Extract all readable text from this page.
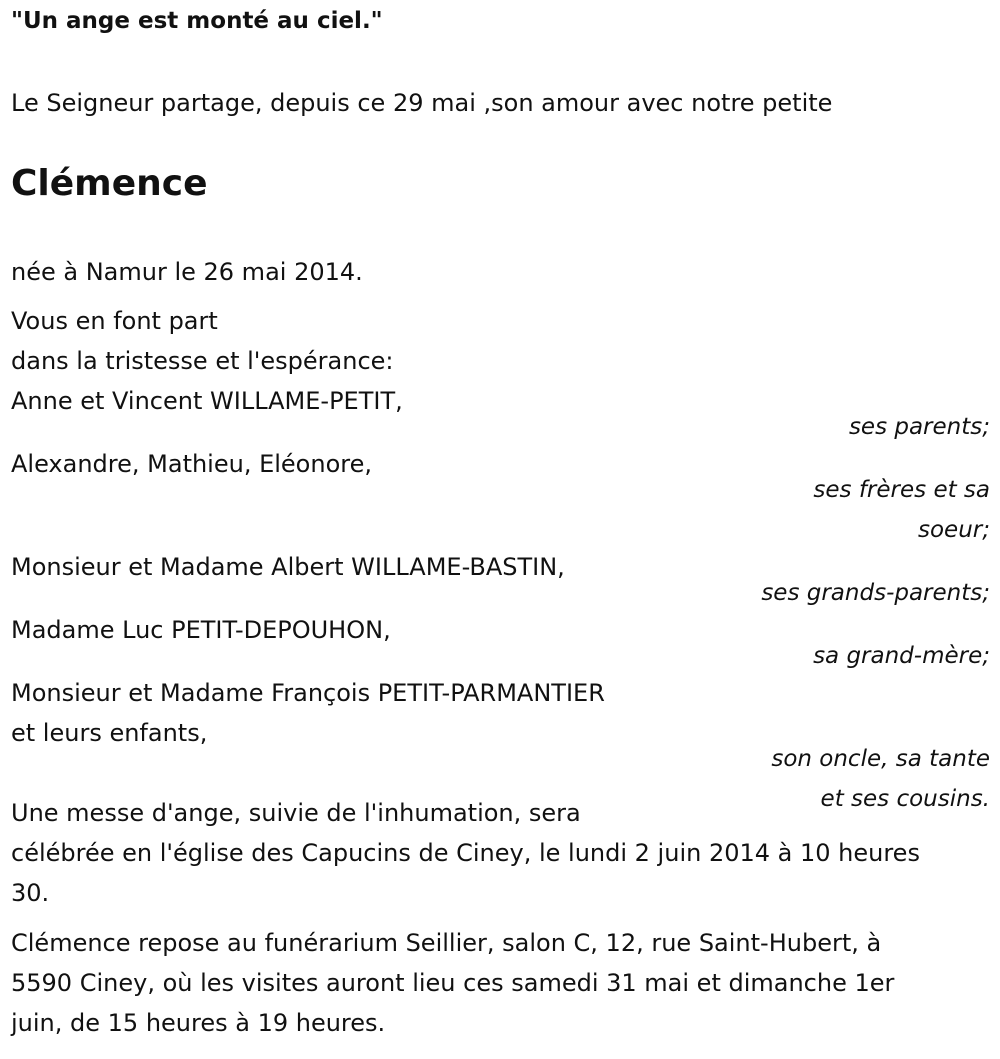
"Un ange est monté au ciel."
Le Seigneur partage, depuis ce 29 mai ,son amour avec notre petite
Clémence
née à Namur le 26 mai 2014.
Vous en font part
dans la tristesse et l'espérance:
Anne et Vincent WILLAME-PETIT,
ses parents;
Alexandre, Mathieu, Eléonore,
ses frères et sa
soeur;
Monsieur et Madame Albert WILLAME-BASTIN,
ses grands-parents;
Madame Luc PETIT-DEPOUHON,
sa grand-mère;
Monsieur et Madame François PETIT-PARMANTIER
et leurs enfants,
son oncle, sa tante
et ses cousins.
Une messe d'ange, suivie de l'inhumation, sera
célébrée en l'église des Capucins de Ciney, le lundi 2 juin 2014 à 10 heures
30.
Clémence repose au funérarium Seillier, salon C, 12, rue Saint-Hubert, à
5590 Ciney, où les visites auront lieu ces samedi 31 mai et dimanche 1er
juin, de 15 heures à 19 heures.
